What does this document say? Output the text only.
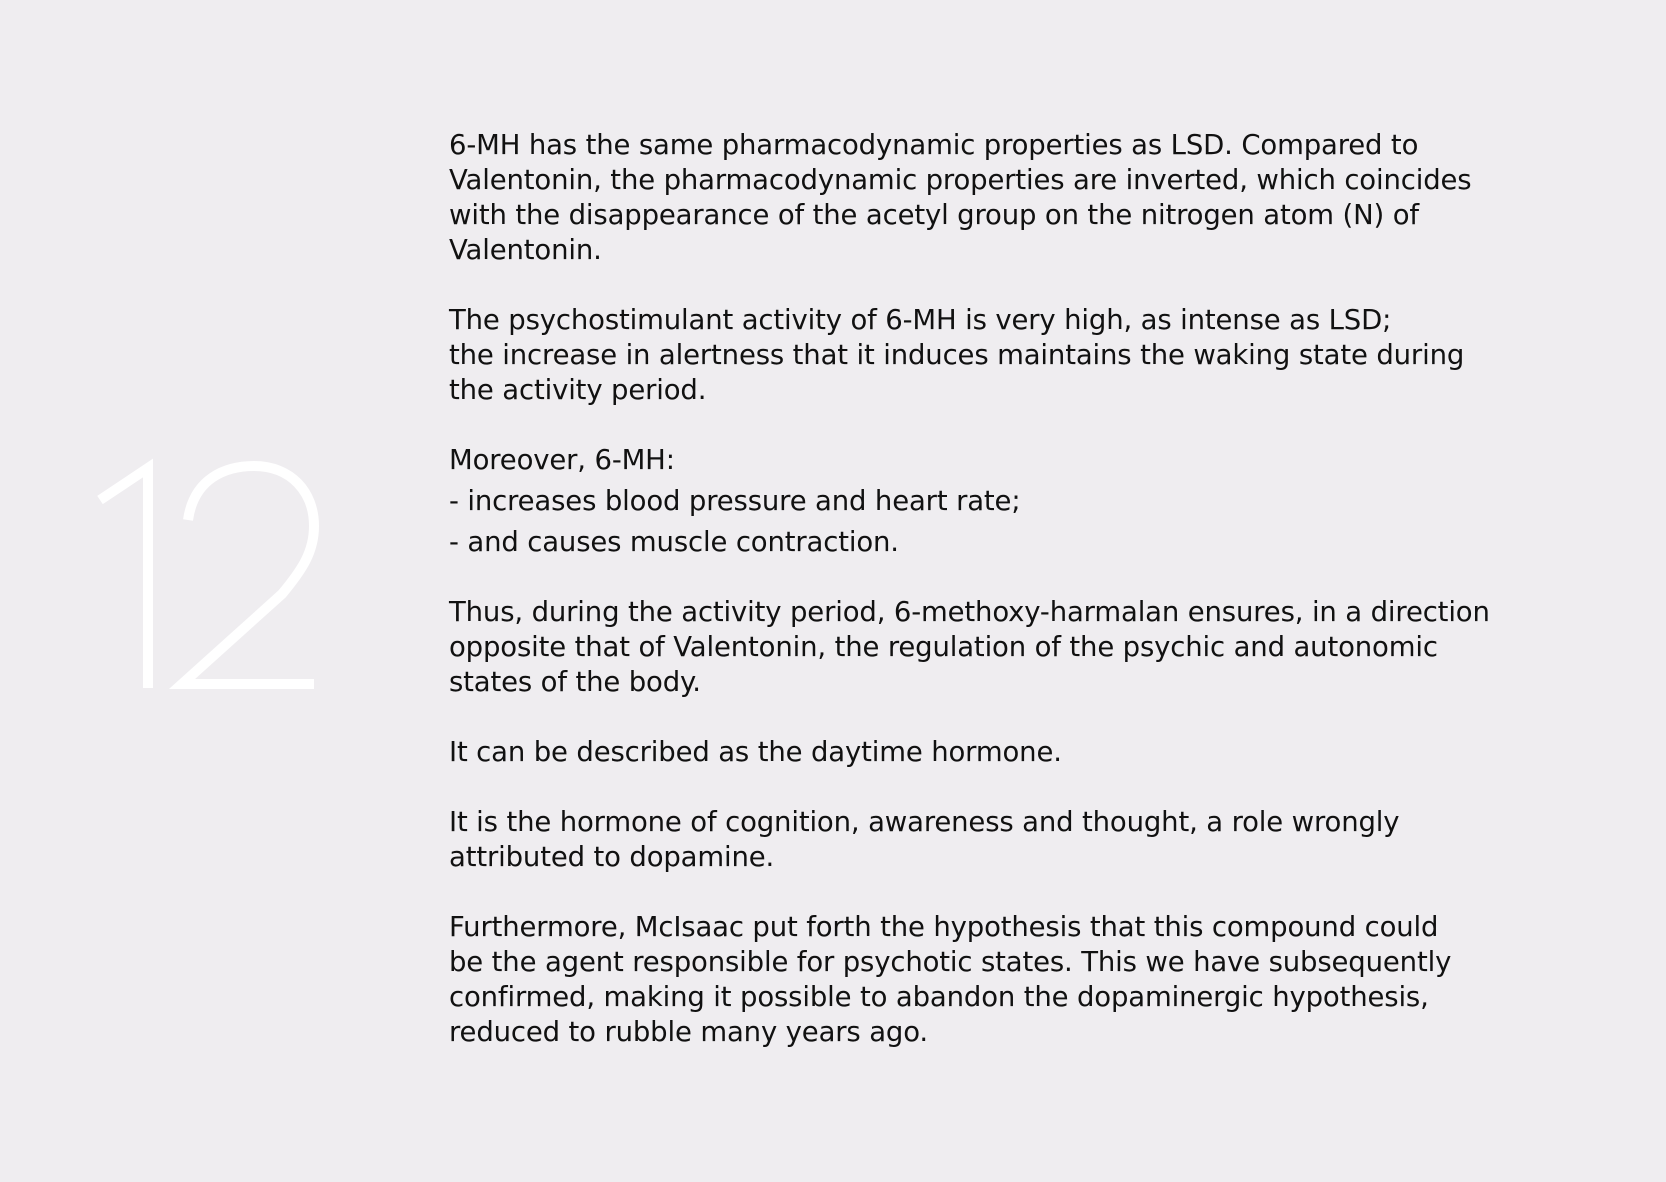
6-MH has the same pharmacodynamic properties as LSD. Compared to
Valentonin, the pharmacodynamic properties are inverted, which coincides
with the disappearance of the acetyl group on the nitrogen atom (N) of
Valentonin.

The psychostimulant activity of 6-MH is very high, as intense as LSD;
the increase in alertness that it induces maintains the waking state during
the activity period.

Moreover, 6-MH:

- increases blood pressure and heart rate;

- and causes muscle contraction.

Thus, during the activity period, 6-methoxy-harmalan ensures, in a direction
opposite that of Valentonin, the regulation of the psychic and autonomic
states of the body.

It can be described as the daytime hormone.

It is the hormone of cognition, awareness and thought, a role wrongly
attributed to dopamine.

Furthermore, McIsaac put forth the hypothesis that this compound could
be the agent responsible for psychotic states. This we have subsequently
confirmed, making it possible to abandon the dopaminergic hypothesis,
reduced to rubble many years ago.
